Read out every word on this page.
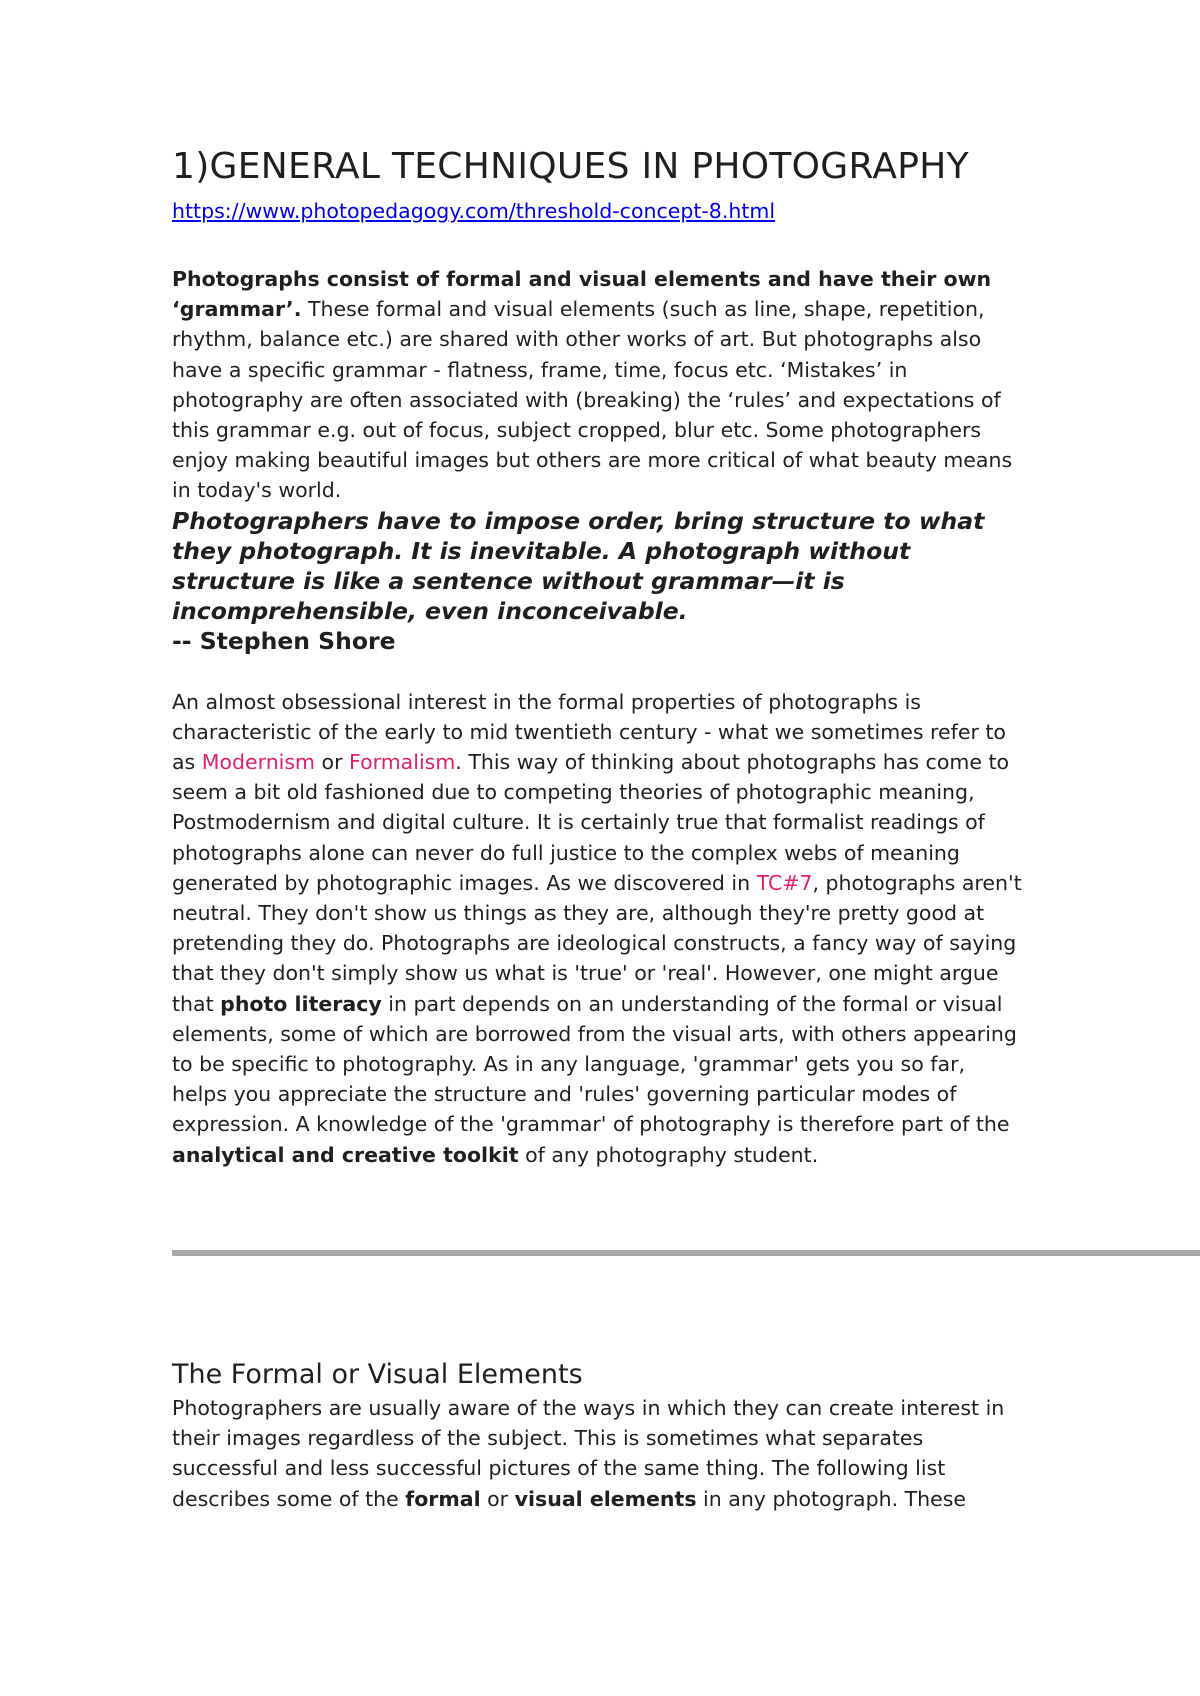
1)GENERAL TECHNIQUES IN PHOTOGRAPHY
https://www.photopedagogy.com/threshold-concept-8.html

Photographs consist of formal and visual elements and have their own ‘grammar’. These formal and visual elements (such as line, shape, repetition, rhythm, balance etc.) are shared with other works of art. But photographs also have a specific grammar - flatness, frame, time, focus etc. ‘Mistakes’ in photography are often associated with (breaking) the ‘rules’ and expectations of this grammar e.g. out of focus, subject cropped, blur etc. Some photographers enjoy making beautiful images but others are more critical of what beauty means in today's world.

Photographers have to impose order, bring structure to what they photograph. It is inevitable. A photograph without structure is like a sentence without grammar—it is incomprehensible, even inconceivable.

-- Stephen Shore

An almost obsessional interest in the formal properties of photographs is characteristic of the early to mid twentieth century - what we sometimes refer to as Modernism or Formalism. This way of thinking about photographs has come to seem a bit old fashioned due to competing theories of photographic meaning, Postmodernism and digital culture. It is certainly true that formalist readings of photographs alone can never do full justice to the complex webs of meaning generated by photographic images. As we discovered in TC#7, photographs aren't neutral. They don't show us things as they are, although they're pretty good at pretending they do. Photographs are ideological constructs, a fancy way of saying that they don't simply show us what is 'true' or 'real'. However, one might argue that photo literacy in part depends on an understanding of the formal or visual elements, some of which are borrowed from the visual arts, with others appearing to be specific to photography. As in any language, 'grammar' gets you so far, helps you appreciate the structure and 'rules' governing particular modes of expression. A knowledge of the 'grammar' of photography is therefore part of the analytical and creative toolkit of any photography student.

The Formal or Visual Elements

Photographers are usually aware of the ways in which they can create interest in their images regardless of the subject. This is sometimes what separates successful and less successful pictures of the same thing. The following list describes some of the formal or visual elements in any photograph. These
